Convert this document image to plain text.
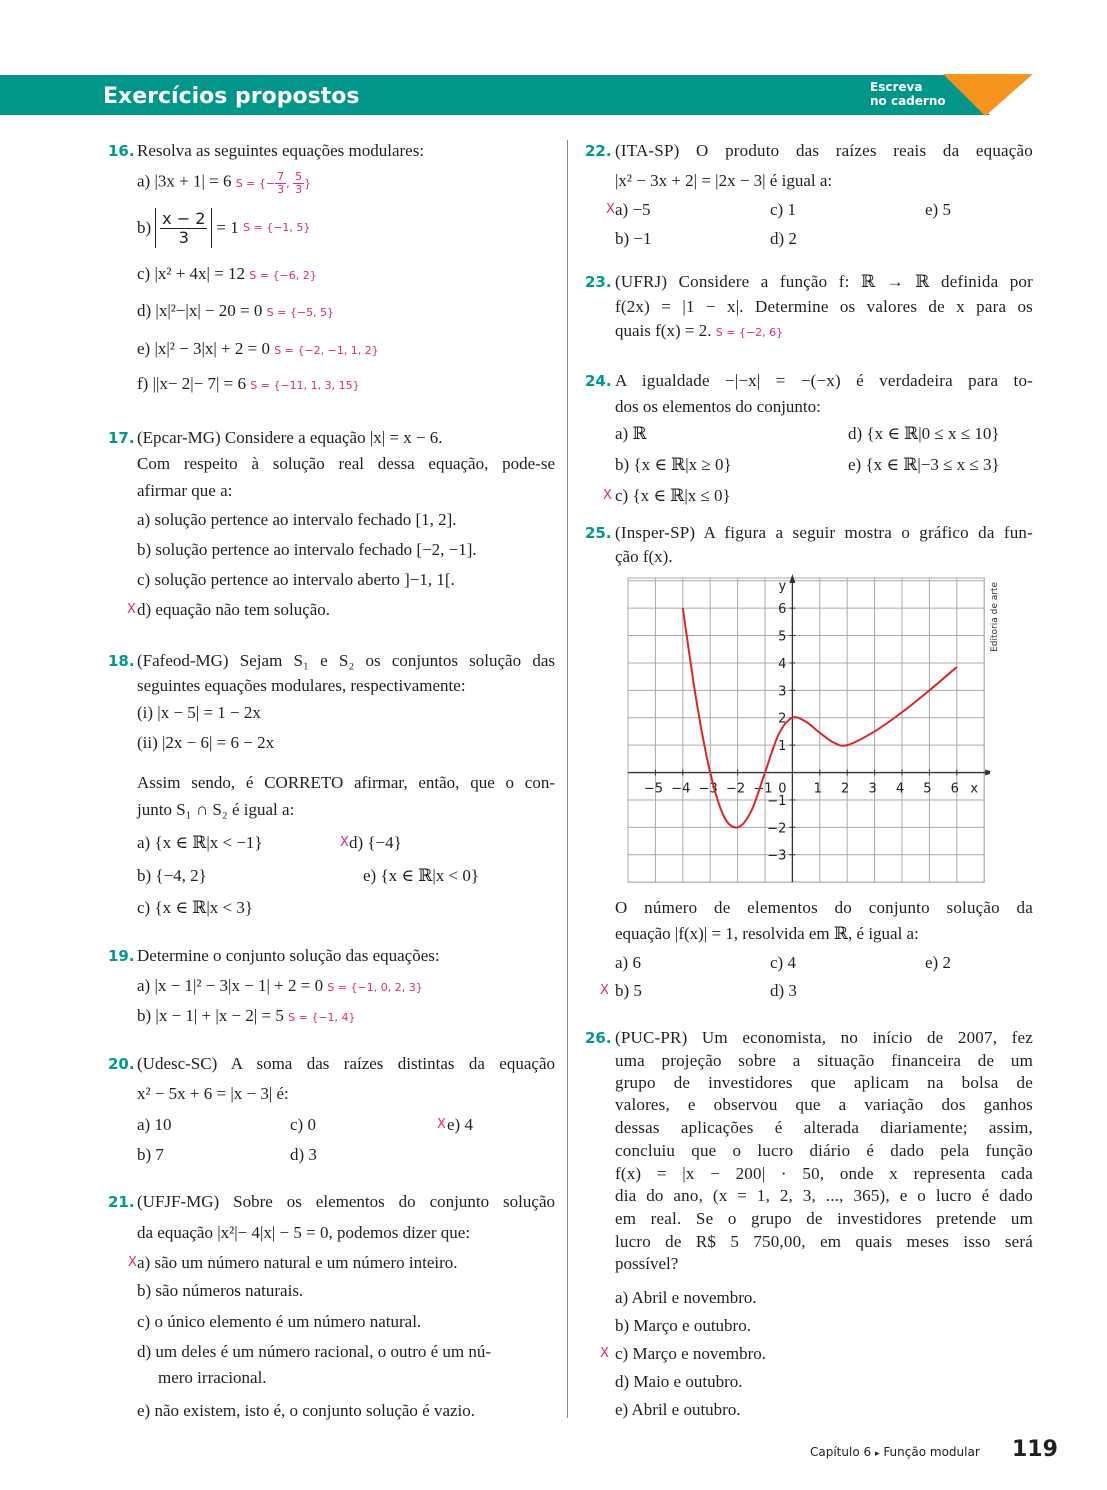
Exercícios propostos	Escreva
no caderno
16. Resolva as seguintes equações modulares:
a) |3x + 1| = 6 S = {− $\frac{7}{3}$ , $\frac{5}{3}$ }
$b) \frac{x - 2}{3} = 1$
S = {−1, 5}
c) |x² + 4x| = 12 S = {−6, 2}
d) |x|²−|x| − 20 = 0 S = {−5, 5}
e) |x|² − 3|x| + 2 = 0 S = {−2, −1, 1, 2}
f) ||x− 2|− 7| = 6 S = {−11, 1, 3, 15}
17. (Epcar-MG) Considere a equação |x| = x − 6.
Com respeito à solução real dessa equação, pode-se
afirmar que a:
a) solução pertence ao intervalo fechado [1, 2].
b) solução pertence ao intervalo fechado [−2, −1].
c) solução pertence ao intervalo aberto ]−1, 1[.
X d) equação não tem solução.
18. (Fafeod-MG) Sejam S₁ e S₂ os conjuntos solução das
seguintes equações modulares, respectivamente:
(i) |x − 5| = 1 − 2x
(ii) |2x − 6| = 6 − 2x
Assim sendo, é CORRETO afirmar, então, que o con-
junto S₁ ∩ S₂ é igual a:
a) {x ∈ ℝ|x < −1}	X d) {−4}
b) {−4, 2}	e) {x ∈ ℝ|x < 0}
c) {x ∈ ℝ|x < 3}
19. Determine o conjunto solução das equações:
a) |x − 1|² − 3|x − 1| + 2 = 0 S = {−1, 0, 2, 3}
b) |x − 1| + |x − 2| = 5 S = {−1, 4}
20. (Udesc-SC) A soma das raízes distintas da equação
x² − 5x + 6 = |x − 3| é:
a) 10	c) 0	X e) 4
b) 7	d) 3
21. (UFJF-MG) Sobre os elementos do conjunto solução
da equação |x²|− 4|x| − 5 = 0, podemos dizer que:
X a) são um número natural e um número inteiro.
b) são números naturais.
c) o único elemento é um número natural.
d) um deles é um número racional, o outro é um nú-
mero irracional.
e) não existem, isto é, o conjunto solução é vazio.
22. (ITA-SP) O produto das raízes reais da equação
|x² − 3x + 2| = |2x − 3| é igual a:
X a) −5	c) 1	e) 5
b) −1	d) 2
23. (UFRJ) Considere a função f: ℝ → ℝ definida por
f(2x) = |1 − x|. Determine os valores de x para os
quais f(x) = 2. S = {−2, 6}
24. A igualdade −|−x| = −(−x) é verdadeira para to-
dos os elementos do conjunto:
a) ℝ	d) {x ∈ ℝ|0 ≤ x ≤ 10}
b) {x ∈ ℝ|x ≥ 0}	e) {x ∈ ℝ|−3 ≤ x ≤ 3}
X c) {x ∈ ℝ|x ≤ 0}
25. (Insper-SP) A figura a seguir mostra o gráfico da fun-
ção f(x).
−5 −4 −3 −2 −1	1 2 3 4 5 6
6
5
4
3
2
1
−1
−2
−3
0	x
y	Editoria de arte
O número de elementos do conjunto solução da
equação |f(x)| = 1, resolvida em ℝ, é igual a:
a) 6	c) 4	e) 2
X b) 5	d) 3
26.
X
Capítulo 6 ▸ Função modular 119
(PUC-PR) Um economista, no início de 2007, fez
uma projeção sobre a situação financeira de um
grupo de investidores que aplicam na bolsa de
valores, e observou que a variação dos ganhos
dessas aplicações é alterada diariamente; assim,
concluiu que o lucro diário é dado pela função
f(x) = |x − 200| · 50, onde x representa cada
dia do ano, (x = 1, 2, 3, ..., 365), e o lucro é dado
em real. Se o grupo de investidores pretende um
lucro de R$ 5 750,00, em quais meses isso será
possível?
a) Abril e novembro.
b) Março e outubro.
c) Março e novembro.
d) Maio e outubro.
e) Abril e outubro.
